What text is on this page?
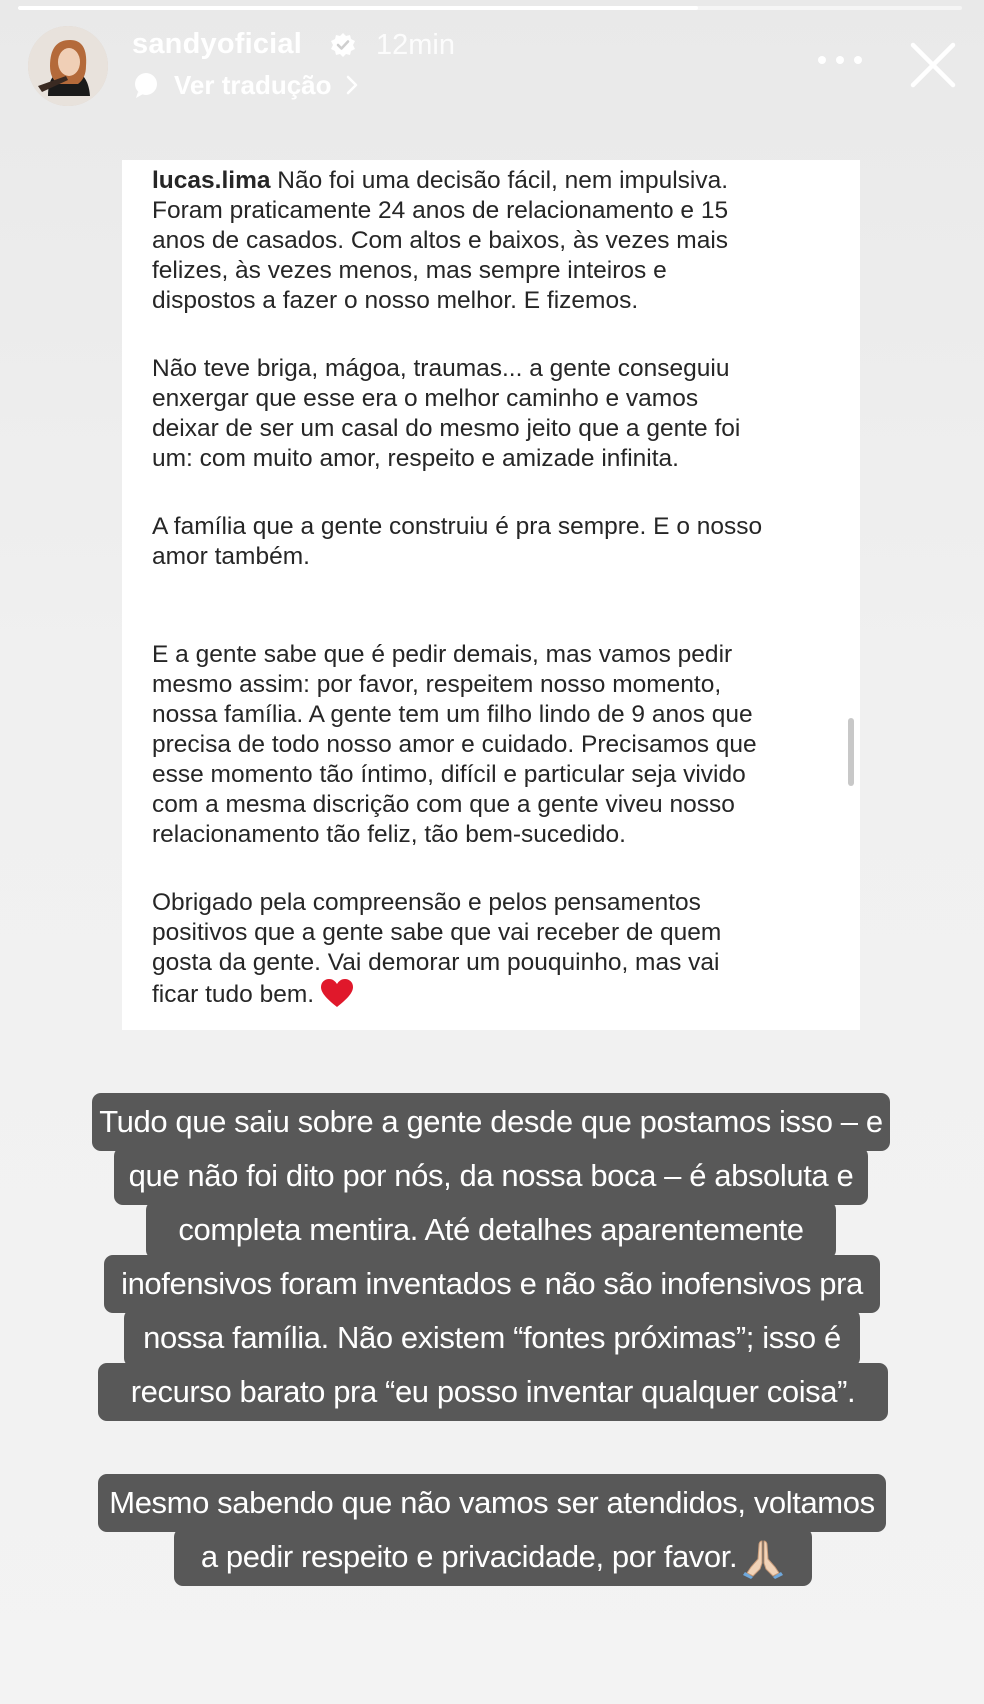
sandyoficial	12min
Ver tradução

lucas.lima Não foi uma decisão fácil, nem impulsiva.
Foram praticamente 24 anos de relacionamento e 15
anos de casados. Com altos e baixos, às vezes mais
felizes, às vezes menos, mas sempre inteiros e
dispostos a fazer o nosso melhor. E fizemos.

Não teve briga, mágoa, traumas... a gente conseguiu
enxergar que esse era o melhor caminho e vamos
deixar de ser um casal do mesmo jeito que a gente foi
um: com muito amor, respeito e amizade infinita.

A família que a gente construiu é pra sempre. E o nosso
amor também.

E a gente sabe que é pedir demais, mas vamos pedir
mesmo assim: por favor, respeitem nosso momento,
nossa família. A gente tem um filho lindo de 9 anos que
precisa de todo nosso amor e cuidado. Precisamos que
esse momento tão íntimo, difícil e particular seja vivido
com a mesma discrição com que a gente viveu nosso
relacionamento tão feliz, tão bem-sucedido.

Obrigado pela compreensão e pelos pensamentos
positivos que a gente sabe que vai receber de quem
gosta da gente. Vai demorar um pouquinho, mas vai
ficar tudo bem.

Tudo que saiu sobre a gente desde que postamos isso – e
que não foi dito por nós, da nossa boca – é absoluta e
completa mentira. Até detalhes aparentemente
inofensivos foram inventados e não são inofensivos pra
nossa família. Não existem “fontes próximas”; isso é
recurso barato pra “eu posso inventar qualquer coisa”.
Mesmo sabendo que não vamos ser atendidos, voltamos
a pedir respeito e privacidade, por favor.
